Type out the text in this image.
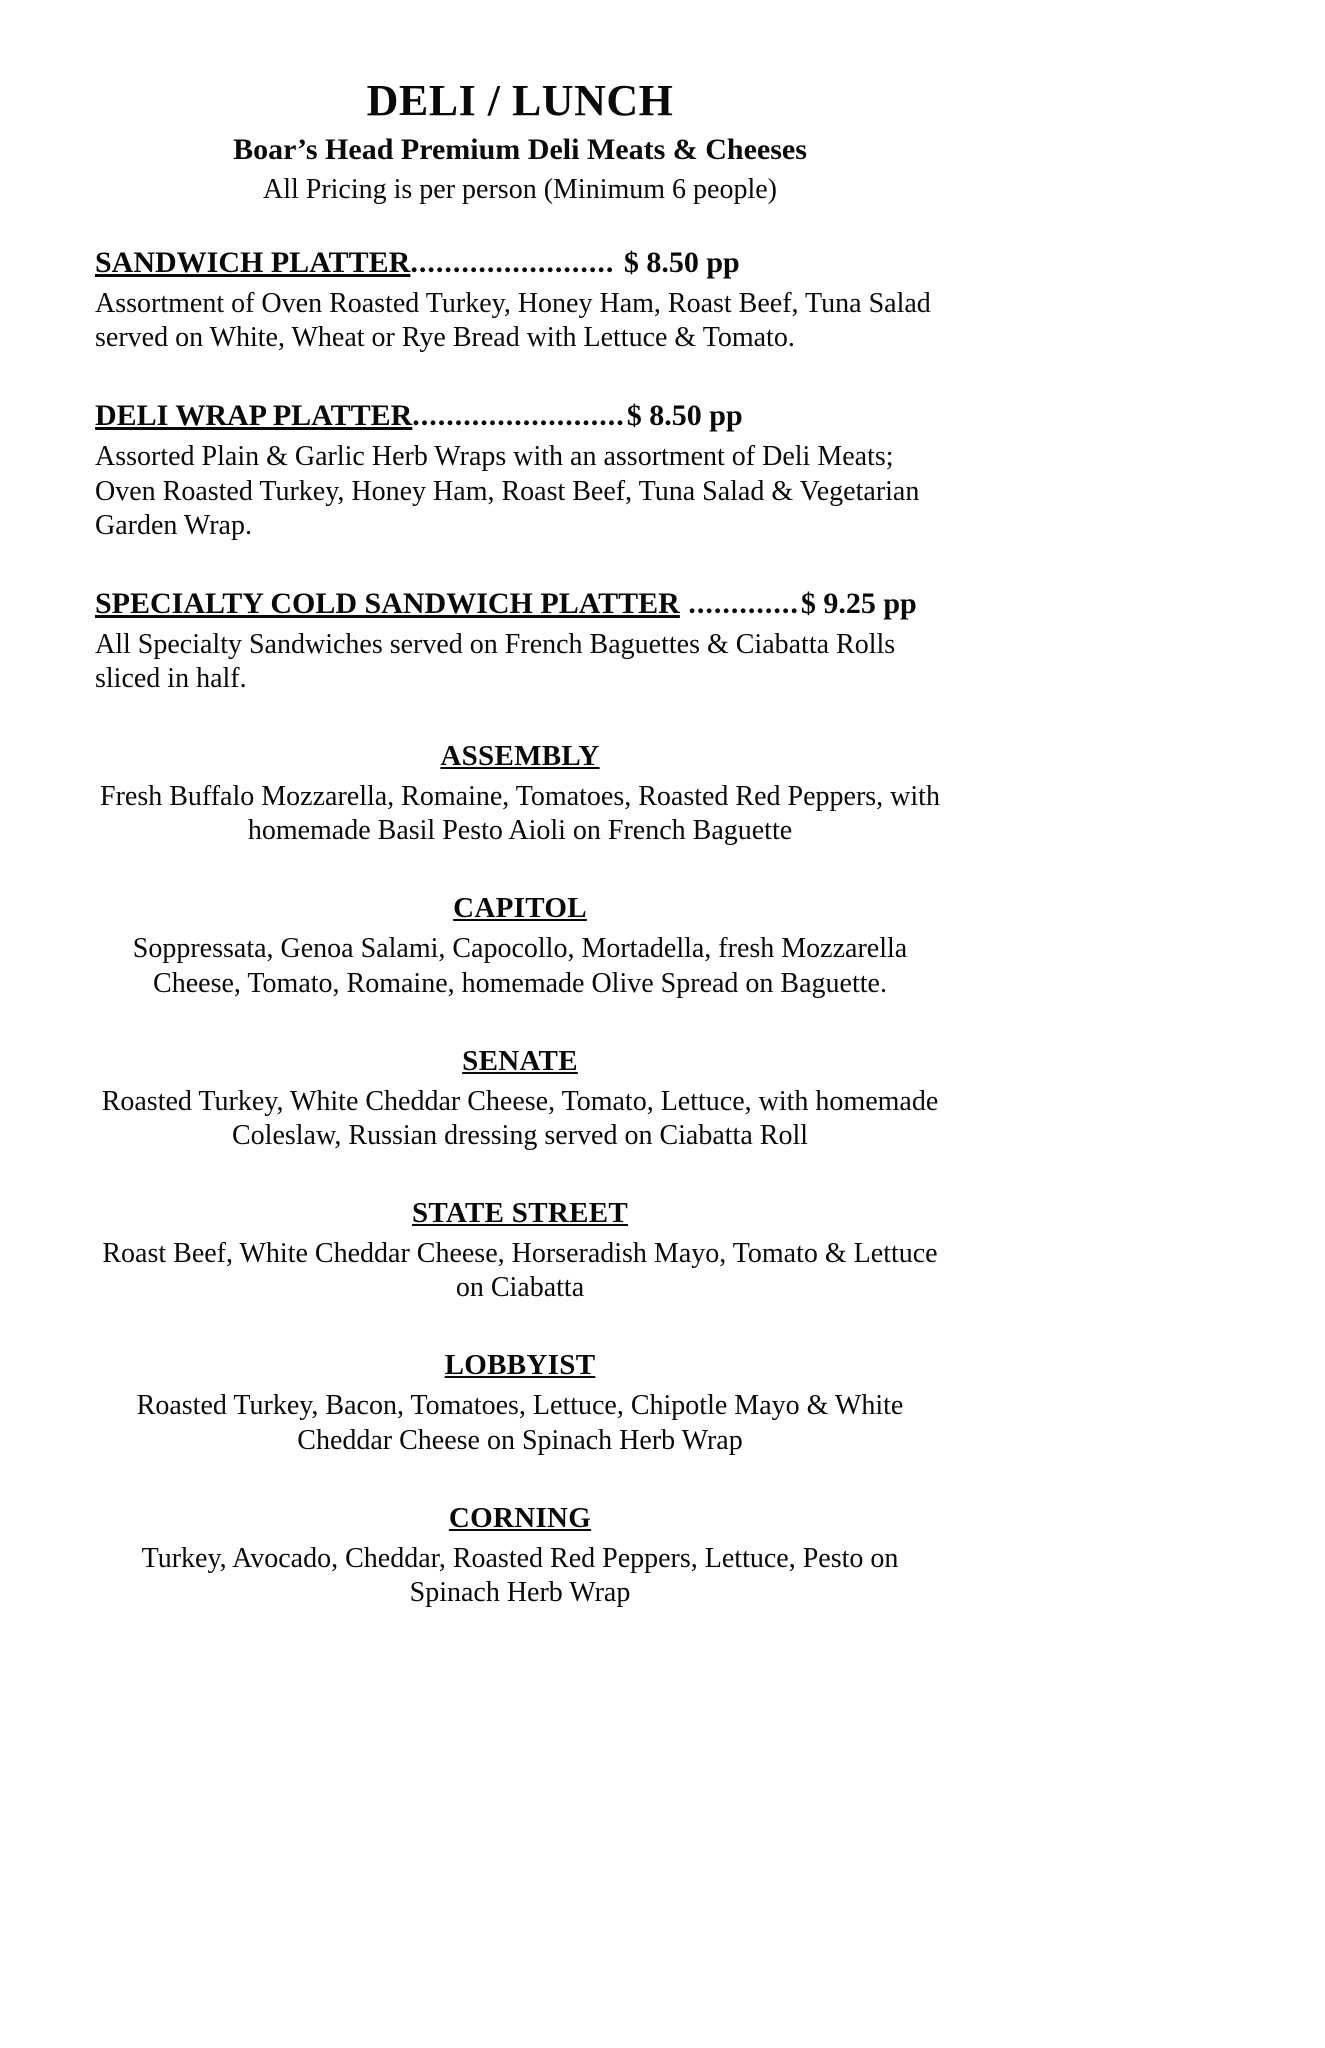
DELI / LUNCH
Boar’s Head Premium Deli Meats & Cheeses

All Pricing is per person (Minimum 6 people)

SANDWICH PLATTER........................ $ 8.50 pp

Assortment of Oven Roasted Turkey, Honey Ham, Roast Beef, Tuna Salad served on White, Wheat or Rye Bread with Lettuce & Tomato.

DELI WRAP PLATTER.........................$ 8.50 pp

Assorted Plain & Garlic Herb Wraps with an assortment of Deli Meats; Oven Roasted Turkey, Honey Ham, Roast Beef, Tuna Salad & Vegetarian Garden Wrap.

SPECIALTY COLD SANDWICH PLATTER .............$ 9.25 pp

All Specialty Sandwiches served on French Baguettes & Ciabatta Rolls sliced in half.

ASSEMBLY

Fresh Buffalo Mozzarella, Romaine, Tomatoes, Roasted Red Peppers, with homemade Basil Pesto Aioli on French Baguette

CAPITOL

Soppressata, Genoa Salami, Capocollo, Mortadella, fresh Mozzarella Cheese, Tomato, Romaine, homemade Olive Spread on Baguette.

SENATE

Roasted Turkey, White Cheddar Cheese, Tomato, Lettuce, with homemade Coleslaw, Russian dressing served on Ciabatta Roll

STATE STREET

Roast Beef, White Cheddar Cheese, Horseradish Mayo, Tomato & Lettuce on Ciabatta

LOBBYIST

Roasted Turkey, Bacon, Tomatoes, Lettuce, Chipotle Mayo & White Cheddar Cheese on Spinach Herb Wrap

CORNING

Turkey, Avocado, Cheddar, Roasted Red Peppers, Lettuce, Pesto on Spinach Herb Wrap
